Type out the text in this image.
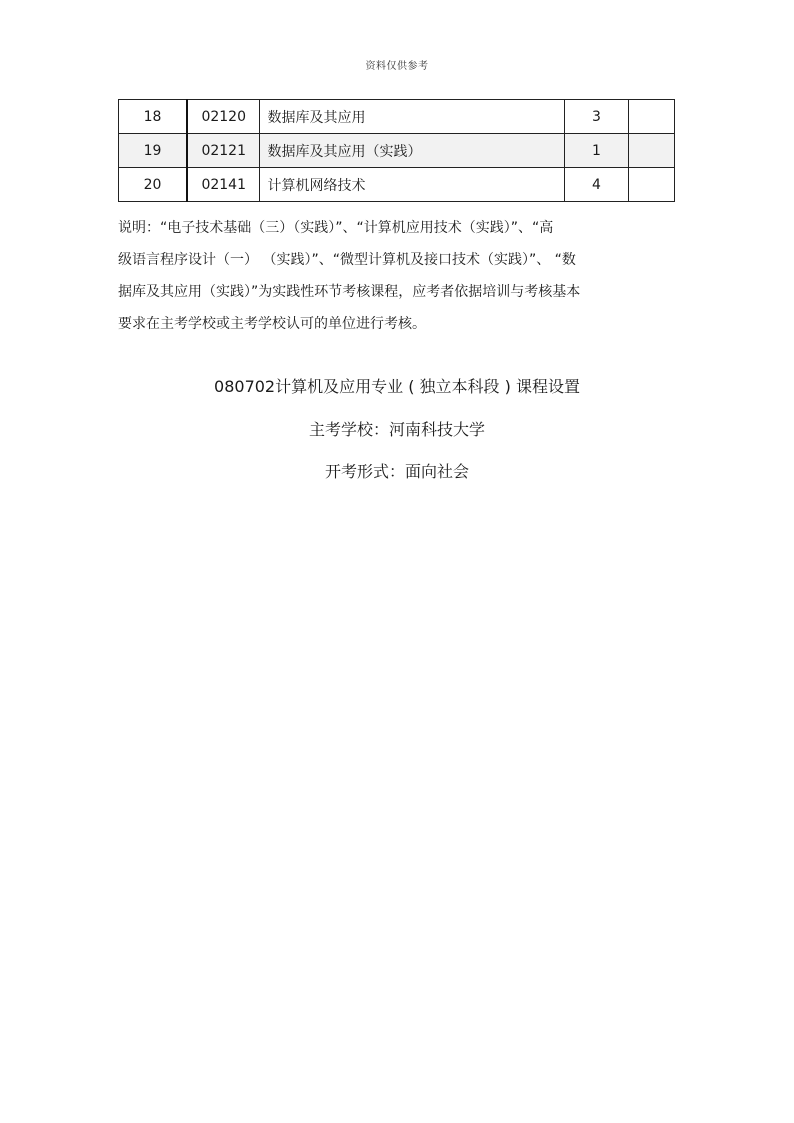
资料仅供参考
18	02120	数据库及其应用	3	
19	02121	数据库及其应用（实践）	1	
20	02141	计算机网络技术	4	

说明：“电子技术基础（三）（实践）”、“计算机应用技术（实践）”、“高

级语言程序设计（一） （实践）”、“微型计算机及接口技术（实践）”、 “数

据库及其应用（实践）”为实践性环节考核课程，应考者依据培训与考核基本

要求在主考学校或主考学校认可的单位进行考核。

080702计算机及应用专业 ( 独立本科段 ) 课程设置
主考学校：河南科技大学
开考形式：面向社会
